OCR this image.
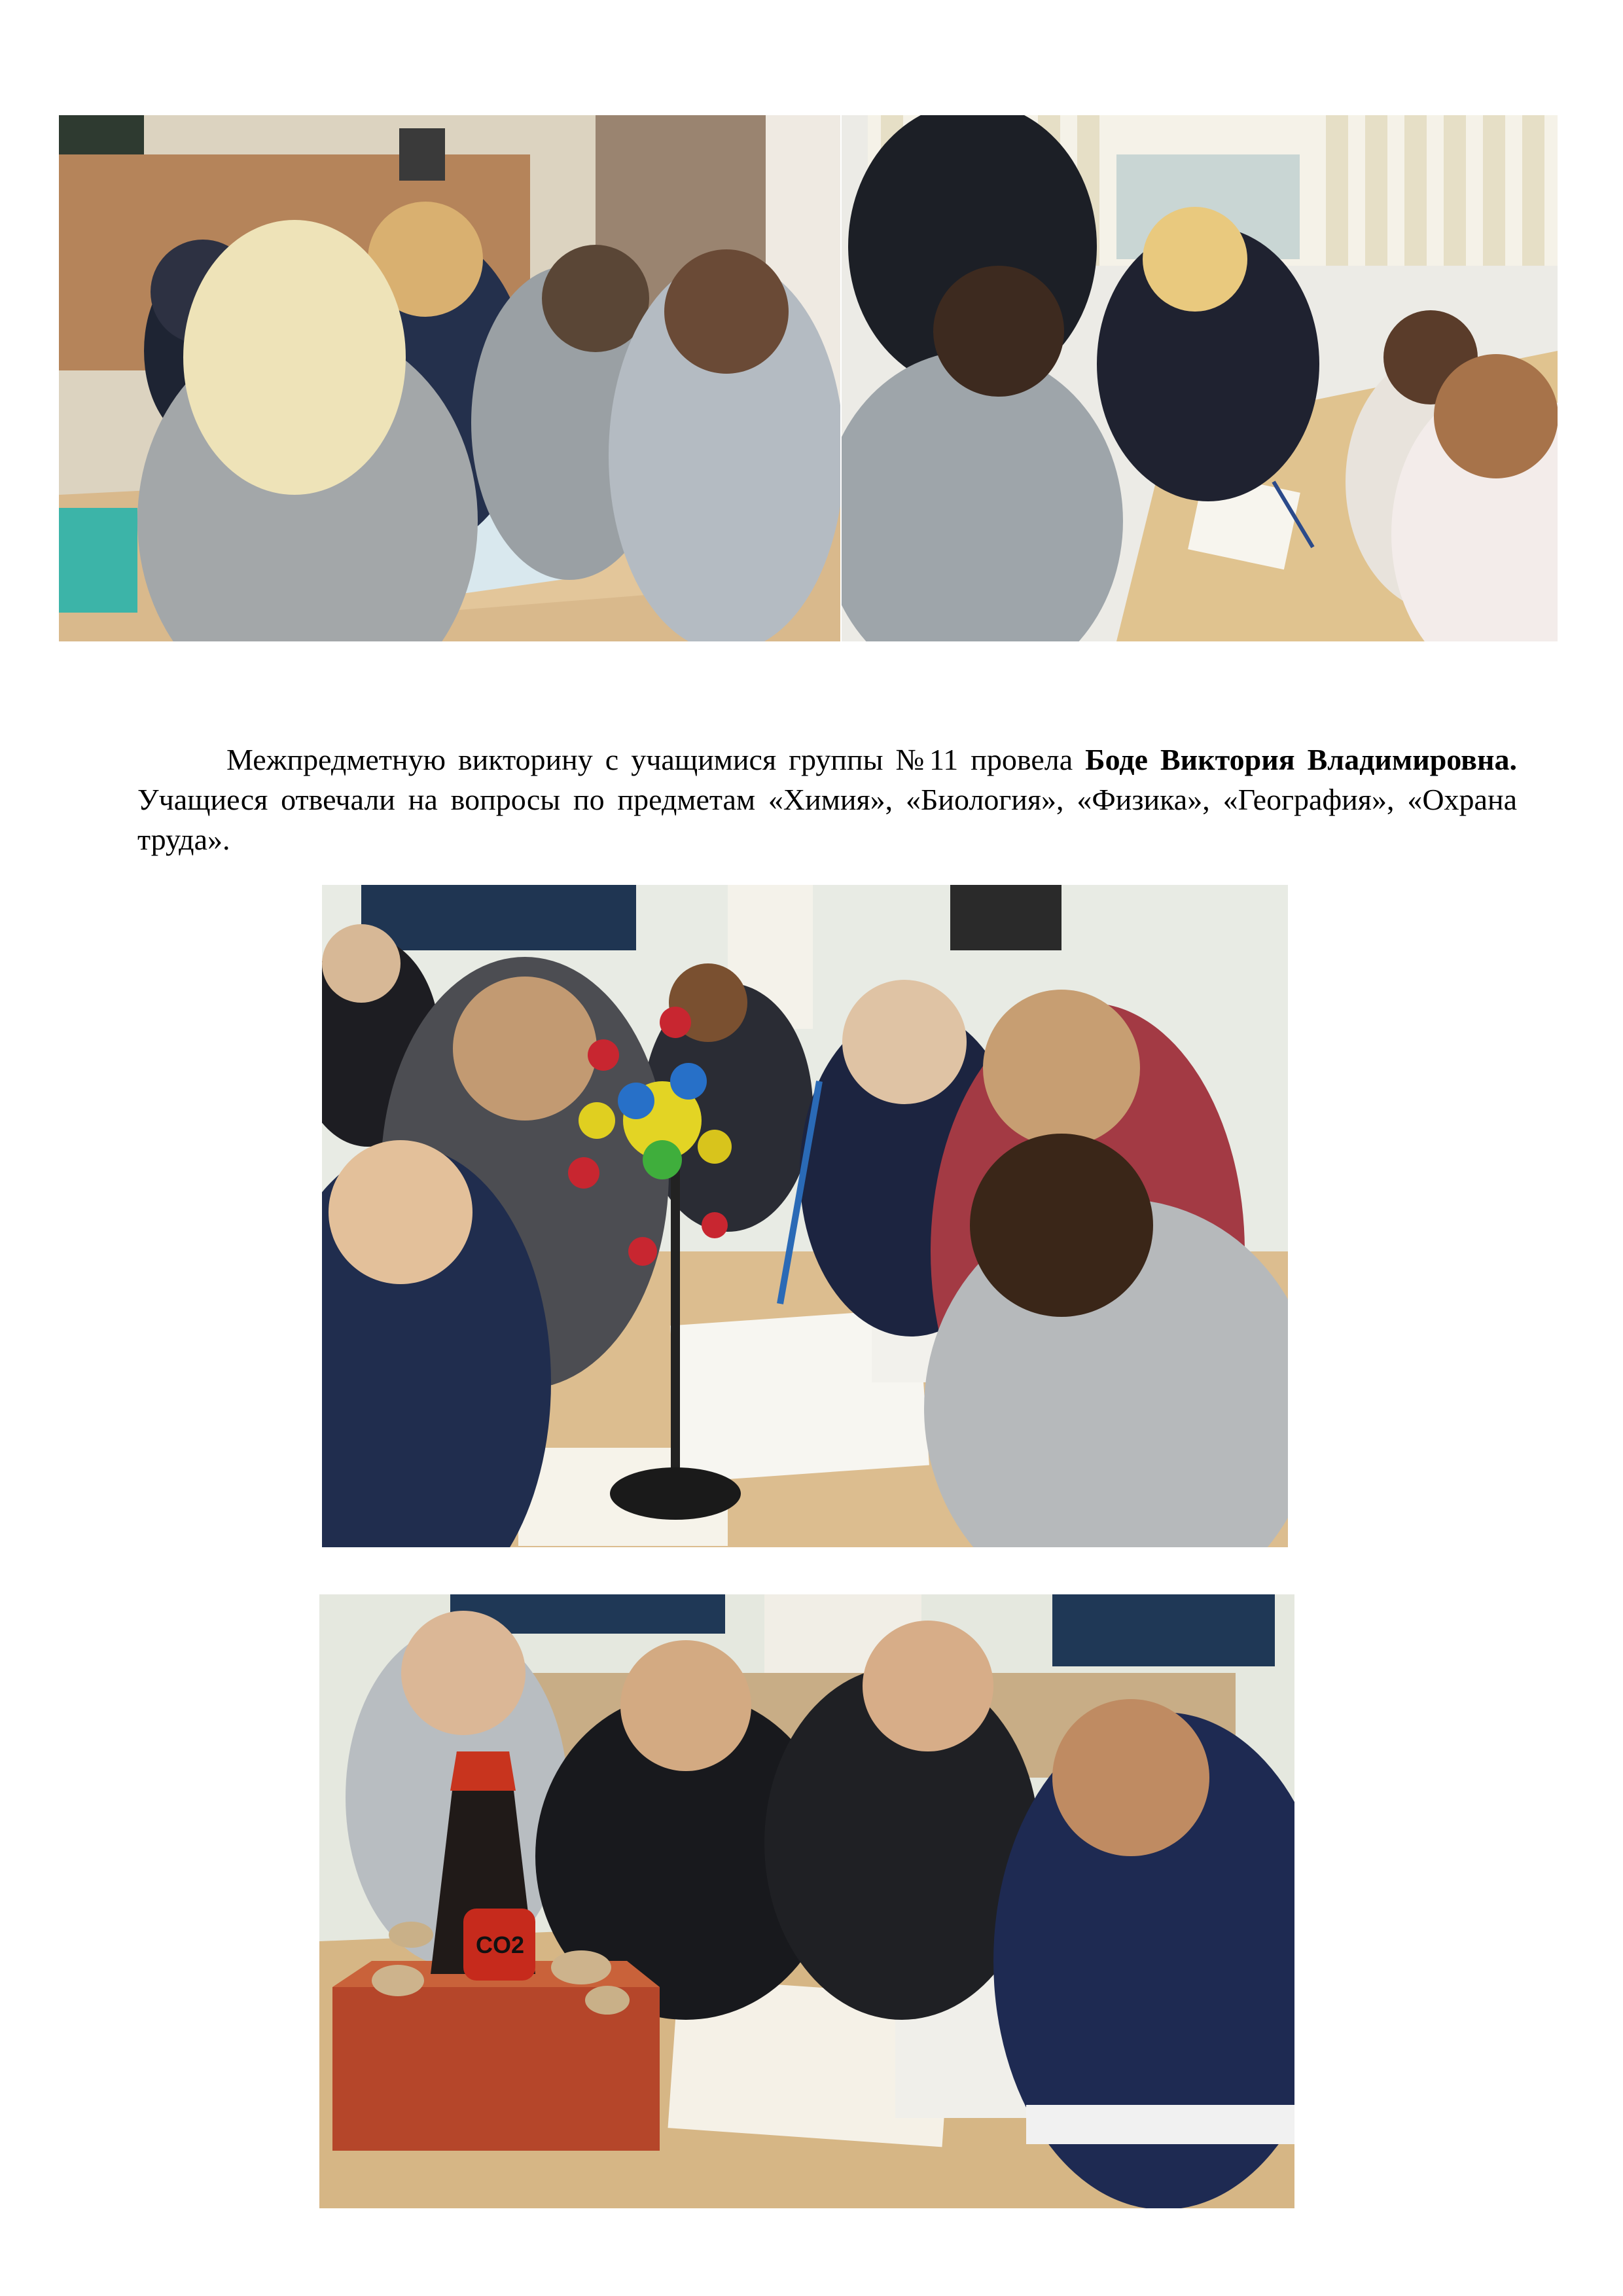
Межпредметную викторину с учащимися группы №11 провела Боде Виктория Владимировна. Учащиеся отвечали на вопросы по предметам «Химия», «Биология», «Физика», «География», «Охрана труда».

CO2
